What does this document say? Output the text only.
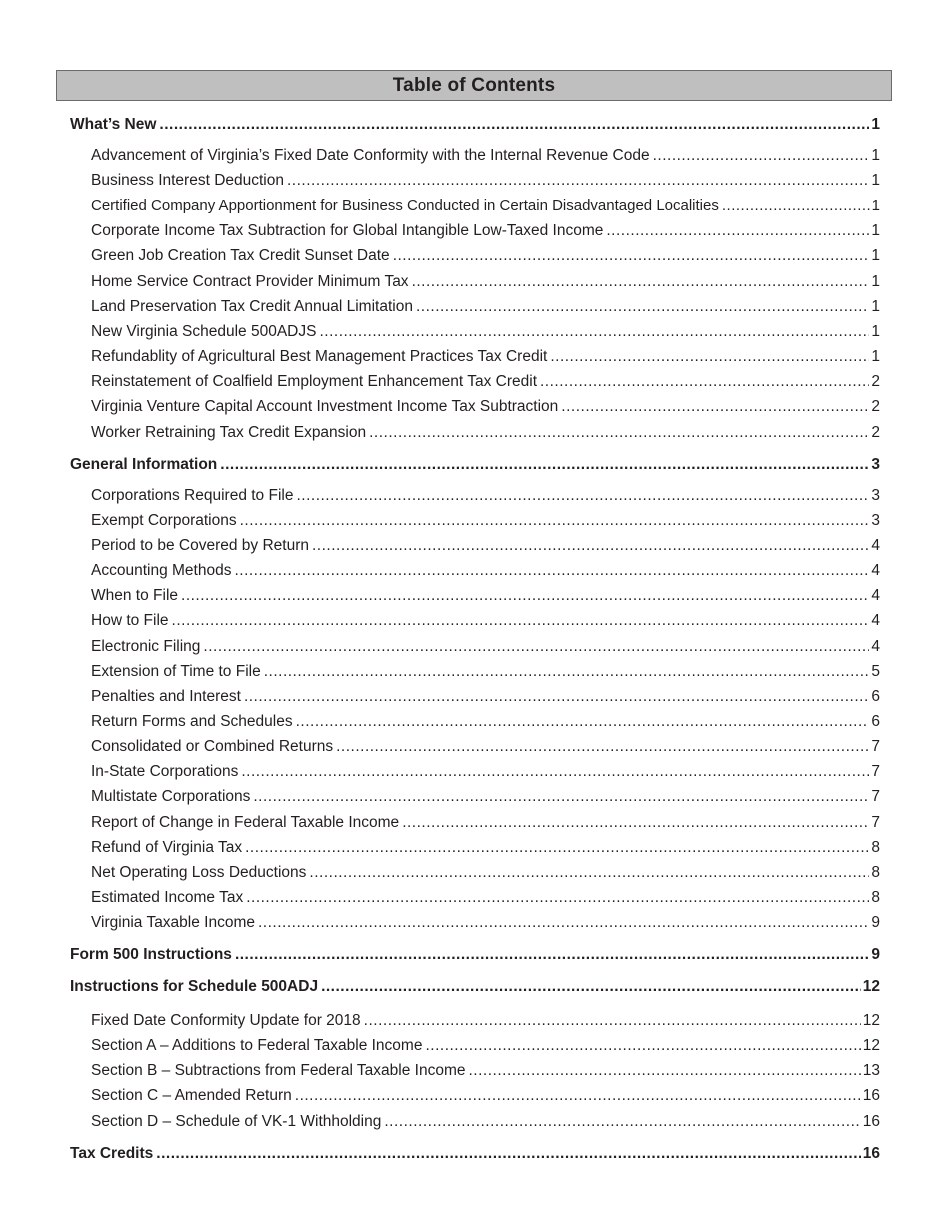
Table of Contents
What’s New .....	1
Advancement of Virginia’s Fixed Date Conformity with the Internal Revenue Code .....	1
Business Interest Deduction .....	1
Certified Company Apportionment for Business Conducted in Certain Disadvantaged Localities .....	1
Corporate Income Tax Subtraction for Global Intangible Low-Taxed Income .....	1
Green Job Creation Tax Credit Sunset Date .....	1
Home Service Contract Provider Minimum Tax .....	1
Land Preservation Tax Credit Annual Limitation .....	1
New Virginia Schedule 500ADJS .....	1
Refundablity of Agricultural Best Management Practices Tax Credit .....	1
Reinstatement of Coalfield Employment Enhancement Tax Credit .....	2
Virginia Venture Capital Account Investment Income Tax Subtraction .....	2
Worker Retraining Tax Credit Expansion .....	2
General Information .....	3
Corporations Required to File .....	3
Exempt Corporations .....	3
Period to be Covered by Return .....	4
Accounting Methods .....	4
When to File .....	4
How to File .....	4
Electronic Filing .....	4
Extension of Time to File .....	5
Penalties and Interest .....	6
Return Forms and Schedules .....	6
Consolidated or Combined Returns .....	7
In-State Corporations .....	7
Multistate Corporations .....	7
Report of Change in Federal Taxable Income .....	7
Refund of Virginia Tax .....	8
Net Operating Loss Deductions .....	8
Estimated Income Tax .....	8
Virginia Taxable Income .....	9
Form 500 Instructions .....	9
Instructions for Schedule 500ADJ .....	12
Fixed Date Conformity Update for 2018 .....	12
Section A – Additions to Federal Taxable Income .....	12
Section B – Subtractions from Federal Taxable Income .....	13
Section C – Amended Return .....	16
Section D – Schedule of VK-1 Withholding .....	16
Tax Credits .....	16
